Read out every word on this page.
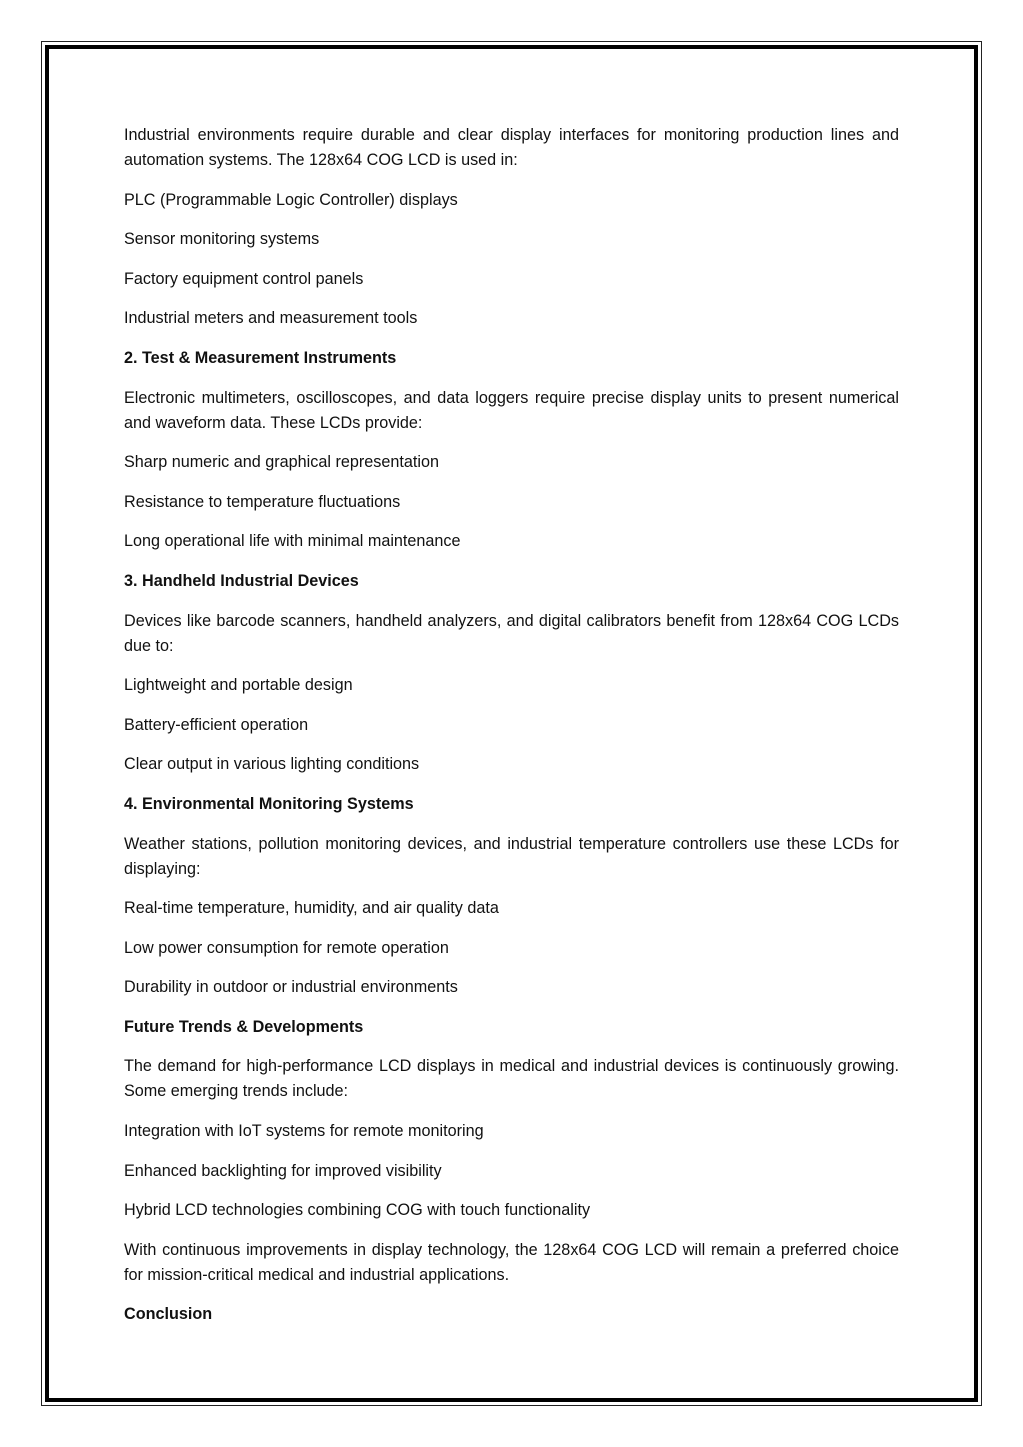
Industrial environments require durable and clear display interfaces for monitoring production lines and automation systems. The 128x64 COG LCD is used in:

PLC (Programmable Logic Controller) displays

Sensor monitoring systems

Factory equipment control panels

Industrial meters and measurement tools

2. Test & Measurement Instruments

Electronic multimeters, oscilloscopes, and data loggers require precise display units to present numerical and waveform data. These LCDs provide:

Sharp numeric and graphical representation

Resistance to temperature fluctuations

Long operational life with minimal maintenance

3. Handheld Industrial Devices

Devices like barcode scanners, handheld analyzers, and digital calibrators benefit from 128x64 COG LCDs due to:

Lightweight and portable design

Battery-efficient operation

Clear output in various lighting conditions

4. Environmental Monitoring Systems

Weather stations, pollution monitoring devices, and industrial temperature controllers use these LCDs for displaying:

Real-time temperature, humidity, and air quality data

Low power consumption for remote operation

Durability in outdoor or industrial environments

Future Trends & Developments

The demand for high-performance LCD displays in medical and industrial devices is continuously growing. Some emerging trends include:

Integration with IoT systems for remote monitoring

Enhanced backlighting for improved visibility

Hybrid LCD technologies combining COG with touch functionality

With continuous improvements in display technology, the 128x64 COG LCD will remain a preferred choice for mission-critical medical and industrial applications.

Conclusion
